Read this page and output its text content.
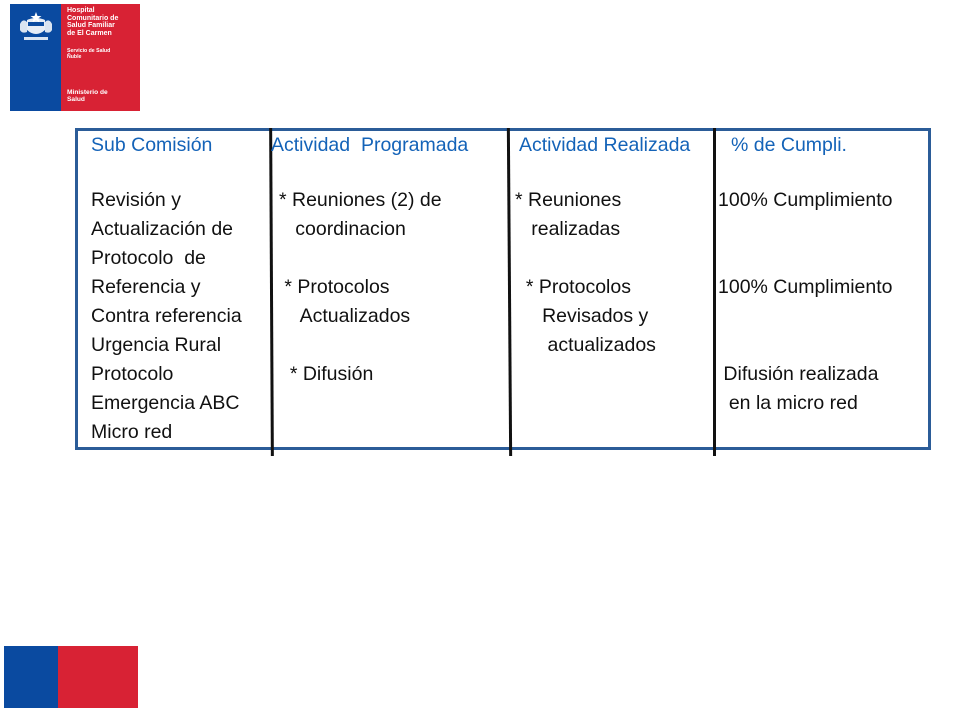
Hospital
Comunitario de
Salud Familiar
de El Carmen
Servicio de Salud
Ñuble
Ministerio de
Salud
Sub Comisión	Actividad  Programada	Actividad Realizada % de Cumpli.
Revisión y
Actualización de
Protocolo  de
Referencia y
Contra referencia
Urgencia Rural
Protocolo
Emergencia ABC
Micro red
* Reuniones (2) de
coordinacion

* Protocolos
Actualizados

* Difusión
* Reuniones
realizadas

* Protocolos
Revisados y
actualizados
100% Cumplimiento

100% Cumplimiento

Difusión realizada
en la micro red
